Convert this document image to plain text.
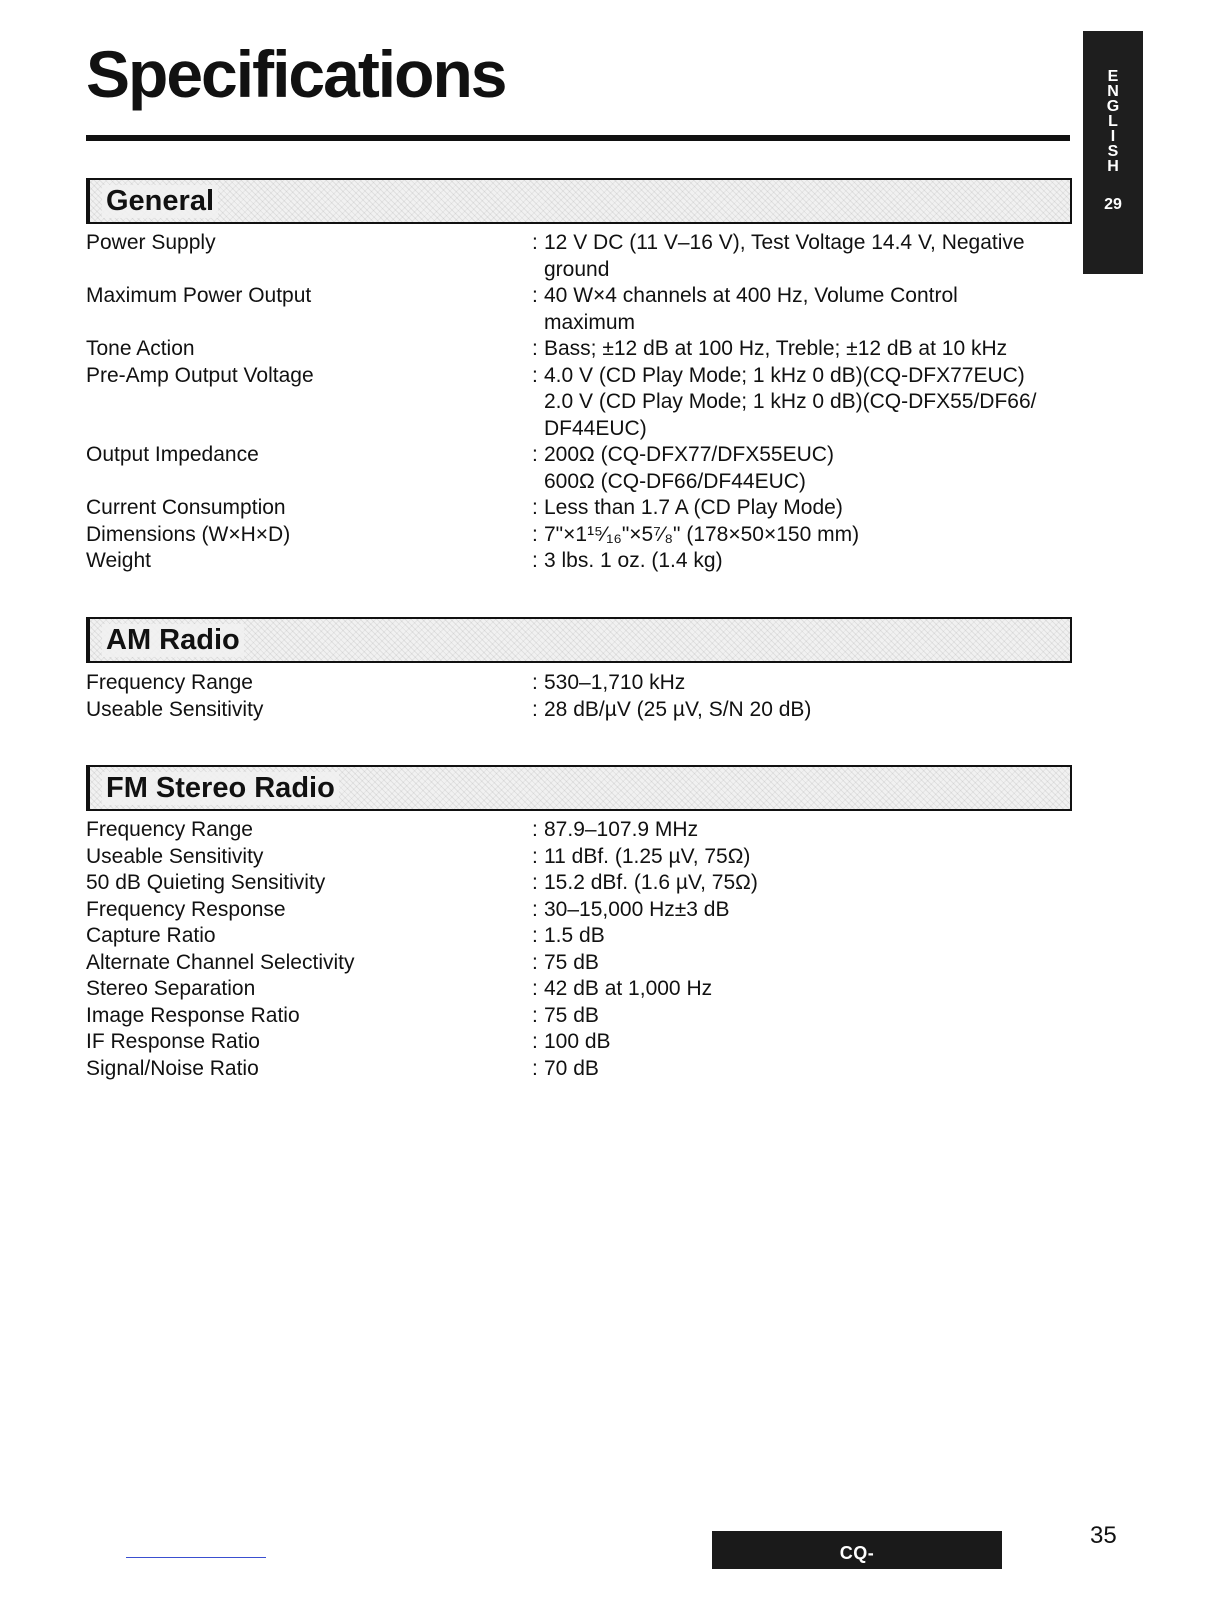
Specifications	E
N
G
L
I
S
H
29
General
Power Supply	: 12 V DC (11 V–16 V), Test Voltage 14.4 V, Negative
ground
Maximum Power Output	: 40 W×4 channels at 400 Hz, Volume Control
maximum
Tone Action	: Bass; ±12 dB at 100 Hz, Treble; ±12 dB at 10 kHz
Pre-Amp Output Voltage	: 4.0 V (CD Play Mode; 1 kHz 0 dB)(CQ-DFX77EUC)
2.0 V (CD Play Mode; 1 kHz 0 dB)(CQ-DFX55/DF66/
DF44EUC)
Output Impedance	: 200Ω (CQ-DFX77/DFX55EUC)
600Ω (CQ-DF66/DF44EUC)
Current Consumption	: Less than 1.7 A (CD Play Mode)
Dimensions (W×H×D)	: 7"×1¹⁵⁄₁₆"×5⁷⁄₈" (178×50×150 mm)
Weight	: 3 lbs. 1 oz. (1.4 kg)
AM Radio
Frequency Range	: 530–1,710 kHz
Useable Sensitivity	: 28 dB/µV (25 µV, S/N 20 dB)
FM Stereo Radio
Frequency Range	: 87.9–107.9 MHz
Useable Sensitivity	: 11 dBf. (1.25 µV, 75Ω)
50 dB Quieting Sensitivity	: 15.2 dBf. (1.6 µV, 75Ω)
Frequency Response	: 30–15,000 Hz±3 dB
Capture Ratio	: 1.5 dB
Alternate Channel Selectivity	: 75 dB
Stereo Separation	: 42 dB at 1,000 Hz
Image Response Ratio	: 75 dB
IF Response Ratio	: 100 dB
Signal/Noise Ratio	: 70 dB
CQ-DFX77/DFX55/DF66/DF44EUC
35
